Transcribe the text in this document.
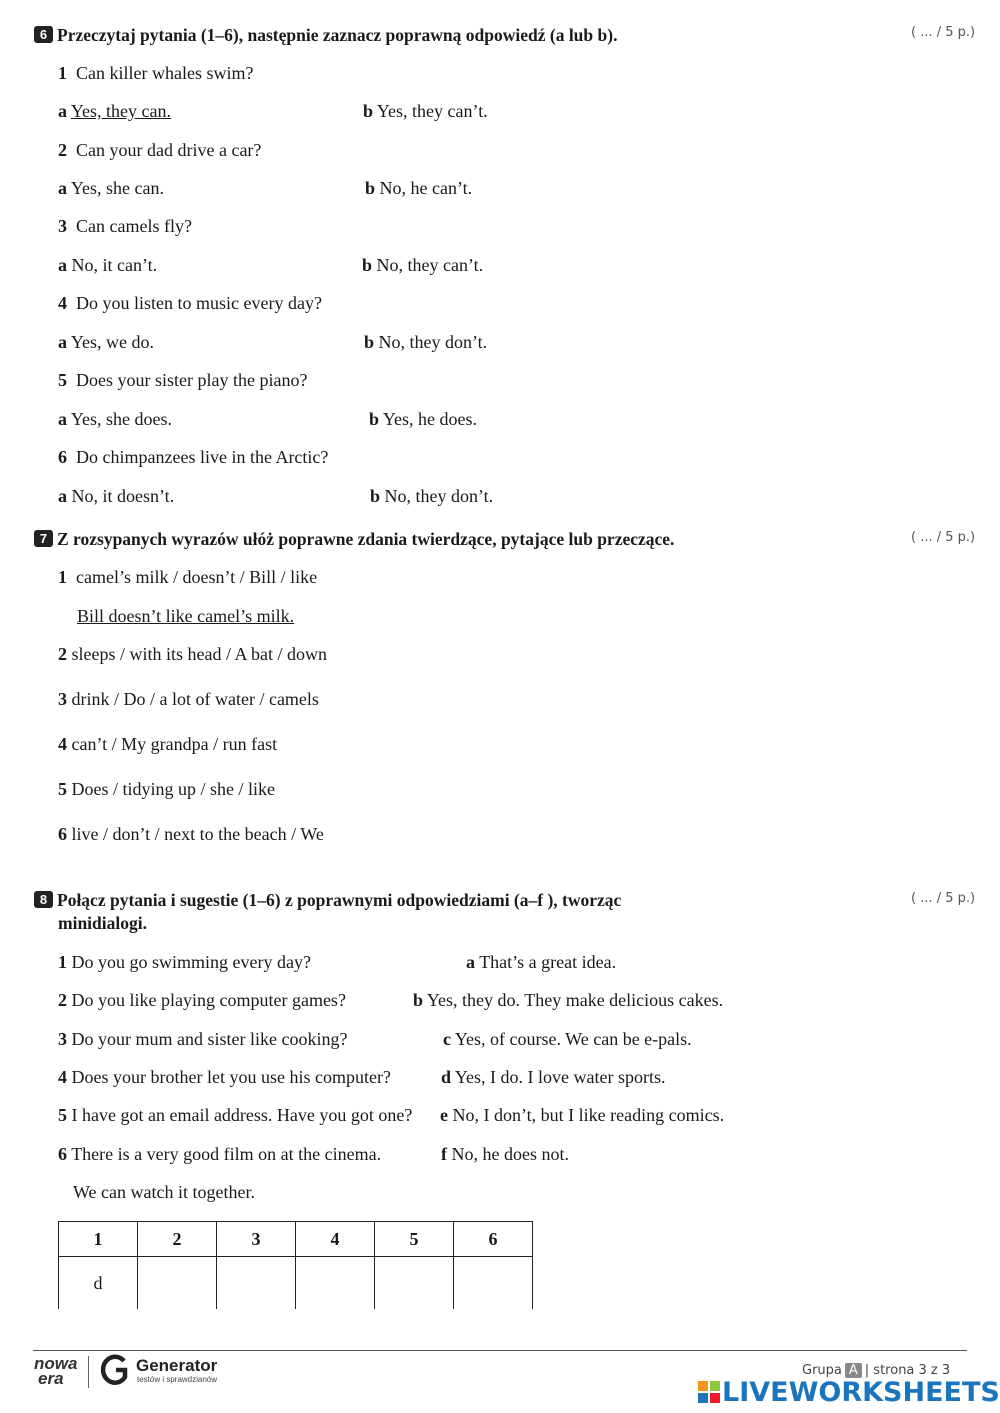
6 Przeczytaj pytania (1–6), następnie zaznacz poprawną odpowiedź (a lub b).	( ... / 5 p.)
1 Can killer whales swim?
a Yes, they can.	b Yes, they can’t.
2 Can your dad drive a car?
a Yes, she can.	b No, he can’t.
3 Can camels fly?
a No, it can’t.	b No, they can’t.
4 Do you listen to music every day?
a Yes, we do.	b No, they don’t.
5 Does your sister play the piano?
a Yes, she does.	b Yes, he does.
6 Do chimpanzees live in the Arctic?
a No, it doesn’t.	b No, they don’t.
7 Z rozsypanych wyrazów ułóż poprawne zdania twierdzące, pytające lub przeczące.	( ... / 5 p.)
1 camel’s milk / doesn’t / Bill / like
Bill doesn’t like camel’s milk.
2 sleeps / with its head / A bat / down
3 drink / Do / a lot of water / camels
4 can’t / My grandpa / run fast
5 Does / tidying up / she / like
6 live / don’t / next to the beach / We
8 Połącz pytania i sugestie (1–6) z poprawnymi odpowiedziami (a–f ), tworząc
minidialogi.
( ... / 5 p.)
1 Do you go swimming every day?	a That’s a great idea.
2 Do you like playing computer games?	b Yes, they do. They make delicious cakes.
3 Do your mum and sister like cooking?	c Yes, of course. We can be e-pals.
4 Does your brother let you use his computer?	d Yes, I do. I love water sports.
5 I have got an email address. Have you got one? e No, I don’t, but I like reading comics.
6 There is a very good film on at the cinema.	f No, he does not.
We can watch it together.
1	2	3	4	5	6
d					
nowa
era
Generator
testów i sprawdzianów
Grupa A | strona 3 z 3
LIVEWORKSHEETS
